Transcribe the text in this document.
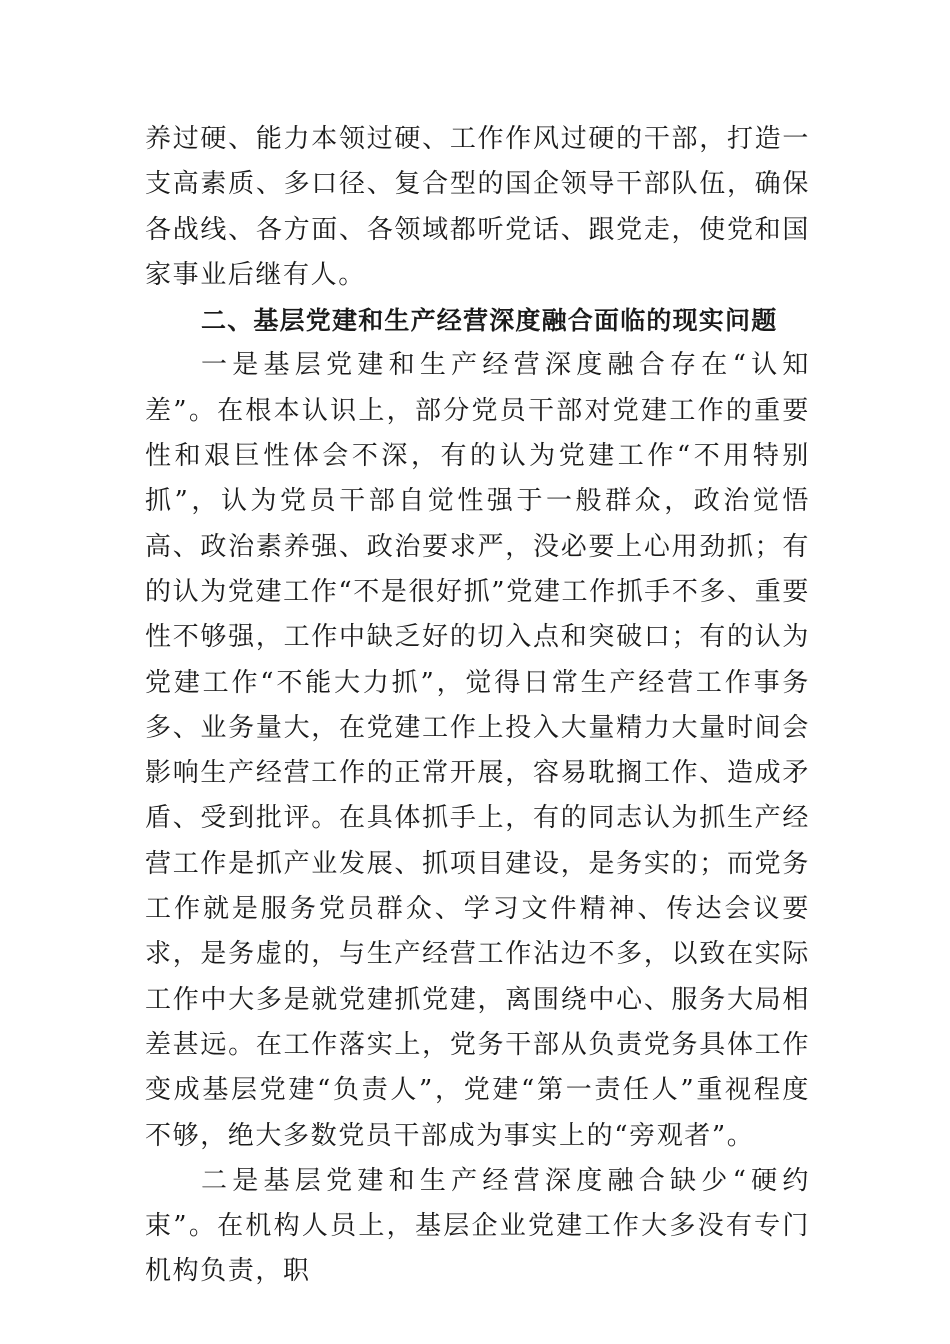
养过硬、能力本领过硬、工作作风过硬的干部，打造一支高素质、多口径、复合型的国企领导干部队伍，确保各战线、各方面、各领域都听党话、跟党走，使党和国家事业后继有人。

二、基层党建和生产经营深度融合面临的现实问题

一是基层党建和生产经营深度融合存在“认知差”。在根本认识上，部分党员干部对党建工作的重要性和艰巨性体会不深，有的认为党建工作“不用特别抓”，认为党员干部自觉性强于一般群众，政治觉悟高、政治素养强、政治要求严，没必要上心用劲抓；有的认为党建工作“不是很好抓”党建工作抓手不多、重要性不够强，工作中缺乏好的切入点和突破口；有的认为党建工作“不能大力抓”，觉得日常生产经营工作事务多、业务量大，在党建工作上投入大量精力大量时间会影响生产经营工作的正常开展，容易耽搁工作、造成矛盾、受到批评。在具体抓手上，有的同志认为抓生产经营工作是抓产业发展、抓项目建设，是务实的；而党务工作就是服务党员群众、学习文件精神、传达会议要求，是务虚的，与生产经营工作沾边不多，以致在实际工作中大多是就党建抓党建，离围绕中心、服务大局相差甚远。在工作落实上，党务干部从负责党务具体工作变成基层党建“负责人”，党建“第一责任人”重视程度不够，绝大多数党员干部成为事实上的“旁观者”。

二是基层党建和生产经营深度融合缺少“硬约束”。在机构人员上，基层企业党建工作大多没有专门机构负责，职
